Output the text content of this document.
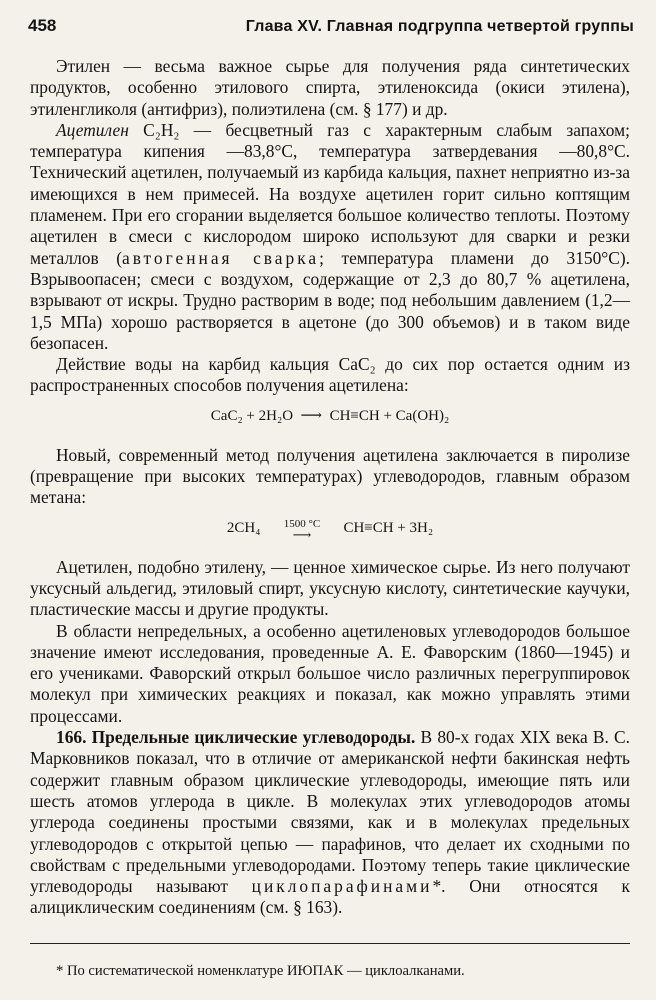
458	Глава XV. Главная подгруппа четвертой группы

Этилен — весьма важное сырье для получения ряда синтетических продуктов, особенно этилового спирта, этиленоксида (окиси этилена), этиленгликоля (антифриз), полиэтилена (см. § 177) и др.

Ацетилен C₂H₂ — бесцветный газ с характерным слабым запахом; температура кипения —83,8°С, температура затвердевания —80,8°С. Технический ацетилен, получаемый из карбида кальция, пахнет неприятно из-за имеющихся в нем примесей. На воздухе ацетилен горит сильно коптящим пламенем. При его сгорании выделяется большое количество теплоты. Поэтому ацетилен в смеси с кислородом широко используют для сварки и резки металлов (автогенная сварка; температура пламени до 3150°С). Взрывоопасен; смеси с воздухом, содержащие от 2,3 до 80,7 % ацетилена, взрывают от искры. Трудно растворим в воде; под небольшим давлением (1,2—1,5 МПа) хорошо растворяется в ацетоне (до 300 объемов) и в таком виде безопасен.

Действие воды на карбид кальция CaC₂ до сих пор остается одним из распространенных способов получения ацетилена:

CaC₂ + 2H₂O ⟶ CH≡CH + Ca(OH)₂

Новый, современный метод получения ацетилена заключается в пиролизе (превращение при высоких температурах) углеводородов, главным образом метана:

2CH₄	1500 °C
⟶	CH≡CH + 3H₂

Ацетилен, подобно этилену, — ценное химическое сырье. Из него получают уксусный альдегид, этиловый спирт, уксусную кислоту, синтетические каучуки, пластические массы и другие продукты.

В области непредельных, а особенно ацетиленовых углеводородов большое значение имеют исследования, проведенные А. Е. Фаворским (1860—1945) и его учениками. Фаворский открыл большое число различных перегруппировок молекул при химических реакциях и показал, как можно управлять этими процессами.

166. Предельные циклические углеводороды. В 80-х годах XIX века В. С. Марковников показал, что в отличие от американской нефти бакинская нефть содержит главным образом циклические углеводороды, имеющие пять или шесть атомов углерода в цикле. В молекулах этих углеводородов атомы углерода соединены простыми связями, как и в молекулах предельных углеводородов с открытой цепью — парафинов, что делает их сходными по свойствам с предельными углеводородами. Поэтому теперь такие циклические углеводороды называют циклопарафинами*. Они относятся к алициклическим соединениям (см. § 163).

* По систематической номенклатуре ИЮПАК — циклоалканами.
